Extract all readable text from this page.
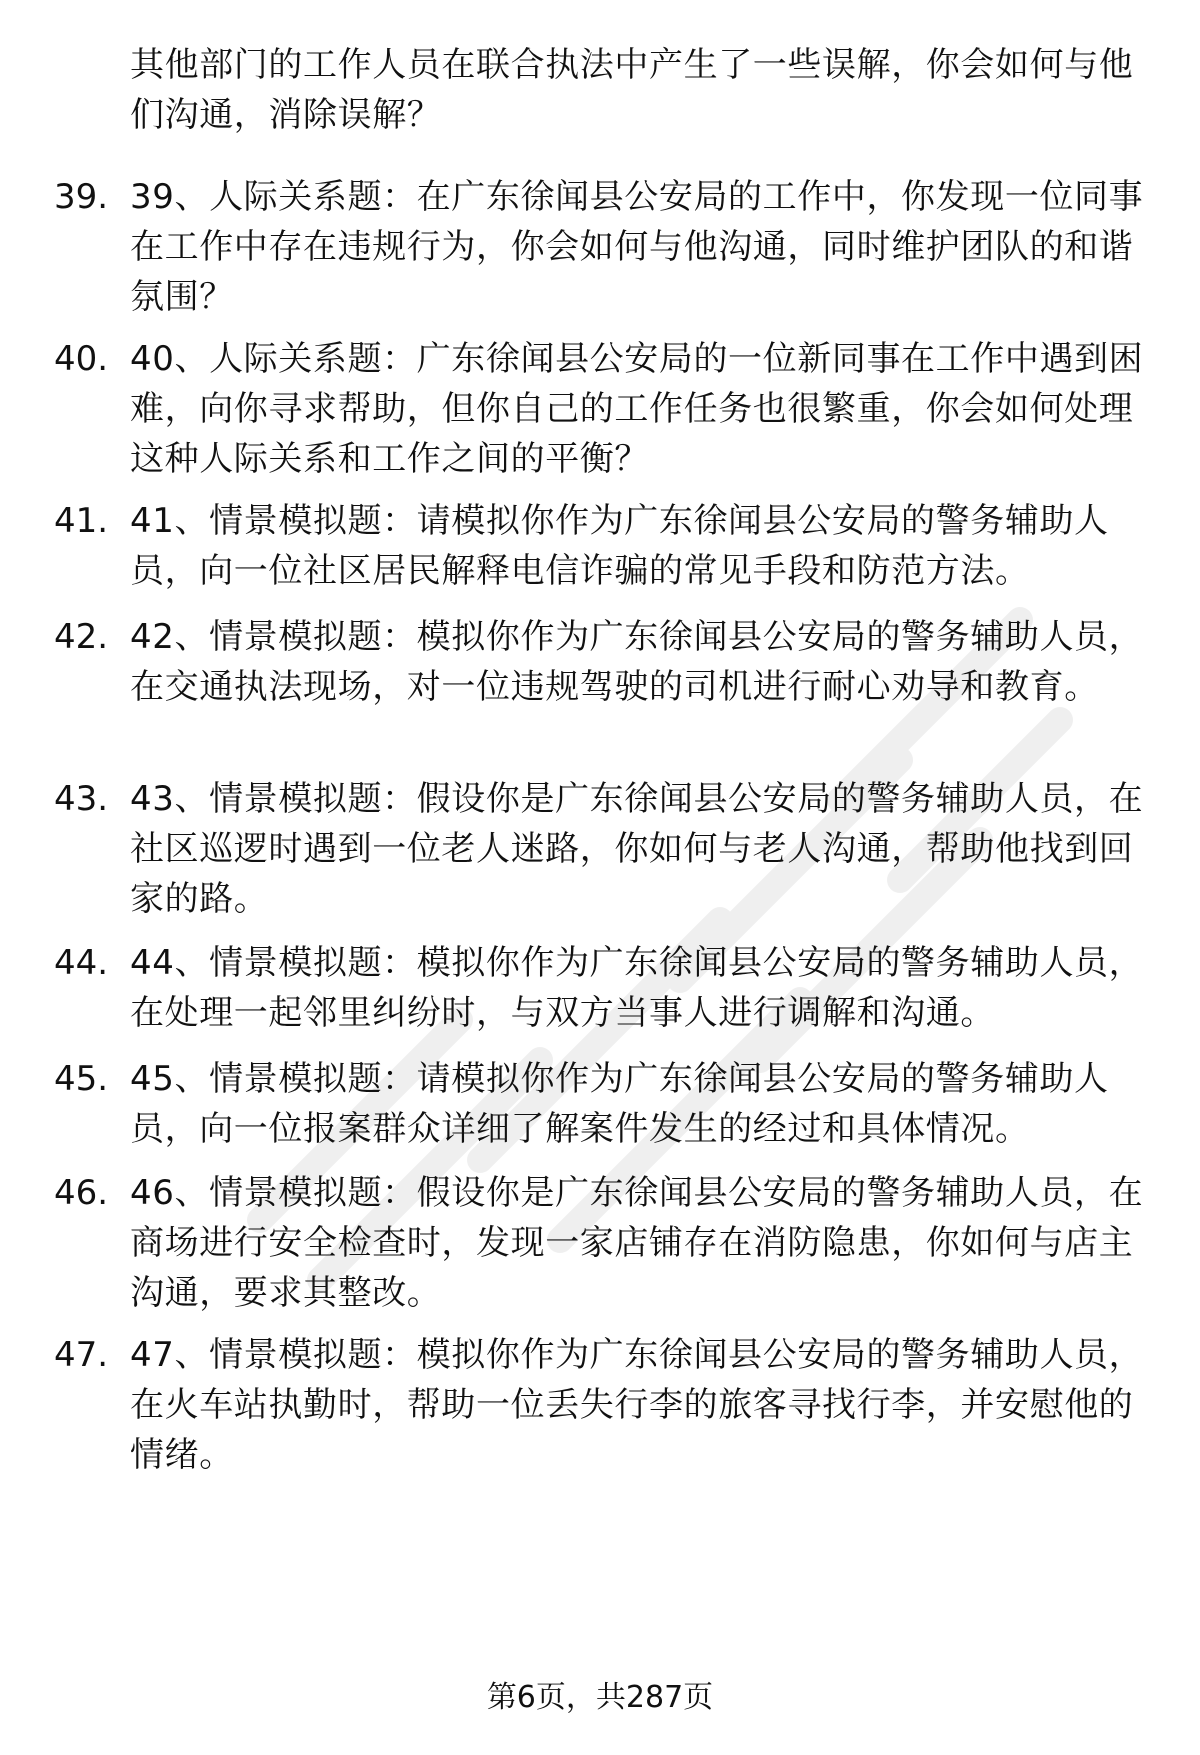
其他部门的工作人员在联合执法中产生了一些误解，你会如何与他们沟通，消除误解？
39. 39、人际关系题：在广东徐闻县公安局的工作中，你发现一位同事在工作中存在违规行为，你会如何与他沟通，同时维护团队的和谐氛围？
40. 40、人际关系题：广东徐闻县公安局的一位新同事在工作中遇到困难，向你寻求帮助，但你自己的工作任务也很繁重，你会如何处理这种人际关系和工作之间的平衡？
41. 41、情景模拟题：请模拟你作为广东徐闻县公安局的警务辅助人员，向一位社区居民解释电信诈骗的常见手段和防范方法。
42. 42、情景模拟题：模拟你作为广东徐闻县公安局的警务辅助人员，在交通执法现场，对一位违规驾驶的司机进行耐心劝导和教育。
43. 43、情景模拟题：假设你是广东徐闻县公安局的警务辅助人员，在社区巡逻时遇到一位老人迷路，你如何与老人沟通，帮助他找到回家的路。
44. 44、情景模拟题：模拟你作为广东徐闻县公安局的警务辅助人员，在处理一起邻里纠纷时，与双方当事人进行调解和沟通。
45. 45、情景模拟题：请模拟你作为广东徐闻县公安局的警务辅助人员，向一位报案群众详细了解案件发生的经过和具体情况。
46. 46、情景模拟题：假设你是广东徐闻县公安局的警务辅助人员，在商场进行安全检查时，发现一家店铺存在消防隐患，你如何与店主沟通，要求其整改。
47. 47、情景模拟题：模拟你作为广东徐闻县公安局的警务辅助人员，在火车站执勤时，帮助一位丢失行李的旅客寻找行李，并安慰他的情绪。
第6页，共287页
